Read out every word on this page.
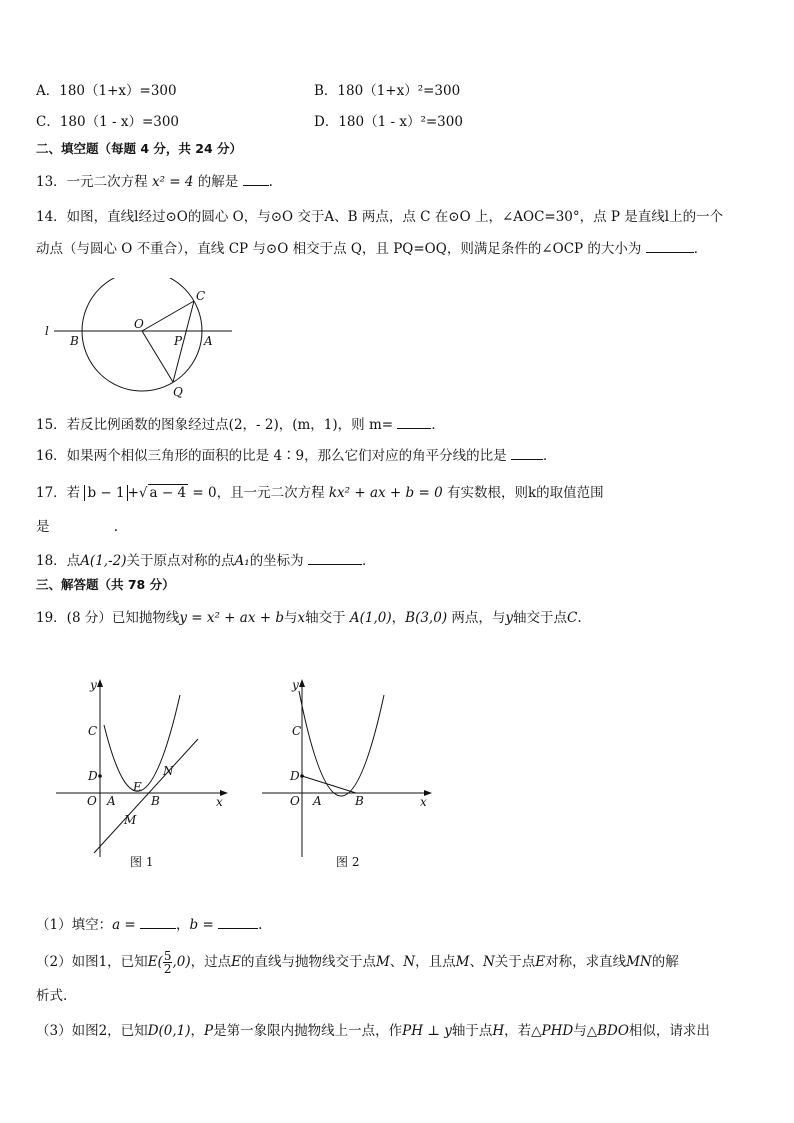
A．180（1+x）=300	B．180（1+x）²=300
C．180（1 - x）=300	D．180（1 - x）²=300
二、填空题（每题 4 分，共 24 分）
13．一元二次方程 x² = 4 的解是 .
14．如图，直线l经过⊙O的圆心 O，与⊙O 交于A、B 两点，点 C 在⊙O 上，∠AOC=30°，点 P 是直线l上的一个
动点（与圆心 O 不重合），直线 CP 与⊙O 相交于点 Q，且 PQ=OQ，则满足条件的∠OCP 的大小为	．
l
B
O
P A
C
Q
15．若反比例函数的图象经过点(2，- 2)，(m，1)，则 m=	．
16．如果两个相似三角形的面积的比是 4∶9，那么它们对应的角平分线的比是	．
17．若 b − 1 +√ a − 4 = 0，且一元二次方程 kx² + ax + b = 0 有实数根，则k的取值范围
是	.
18．点A(1,-2)关于原点对称的点A₁的坐标为	．
三、解答题（共 78 分）
19．(8 分）已知抛物线y = x² + ax + b与x轴交于 A(1,0)，B(3,0) 两点，与y轴交于点C.
y
x
C
D
O A	B
E
N
M
图 1
y
x
C
D
O A	B
图 2
（1）填空：a =	，b =	.
（2）如图1，已知$E( \frac{5}{2} ,0)$，过点E的直线与抛物线交于点M、N，且点M、N关于点E对称，求直线MN的解
析式.
（3）如图2，已知D(0,1)，P是第一象限内抛物线上一点，作PH ⊥ y轴于点H，若△PHD与△BDO相似，请求出
